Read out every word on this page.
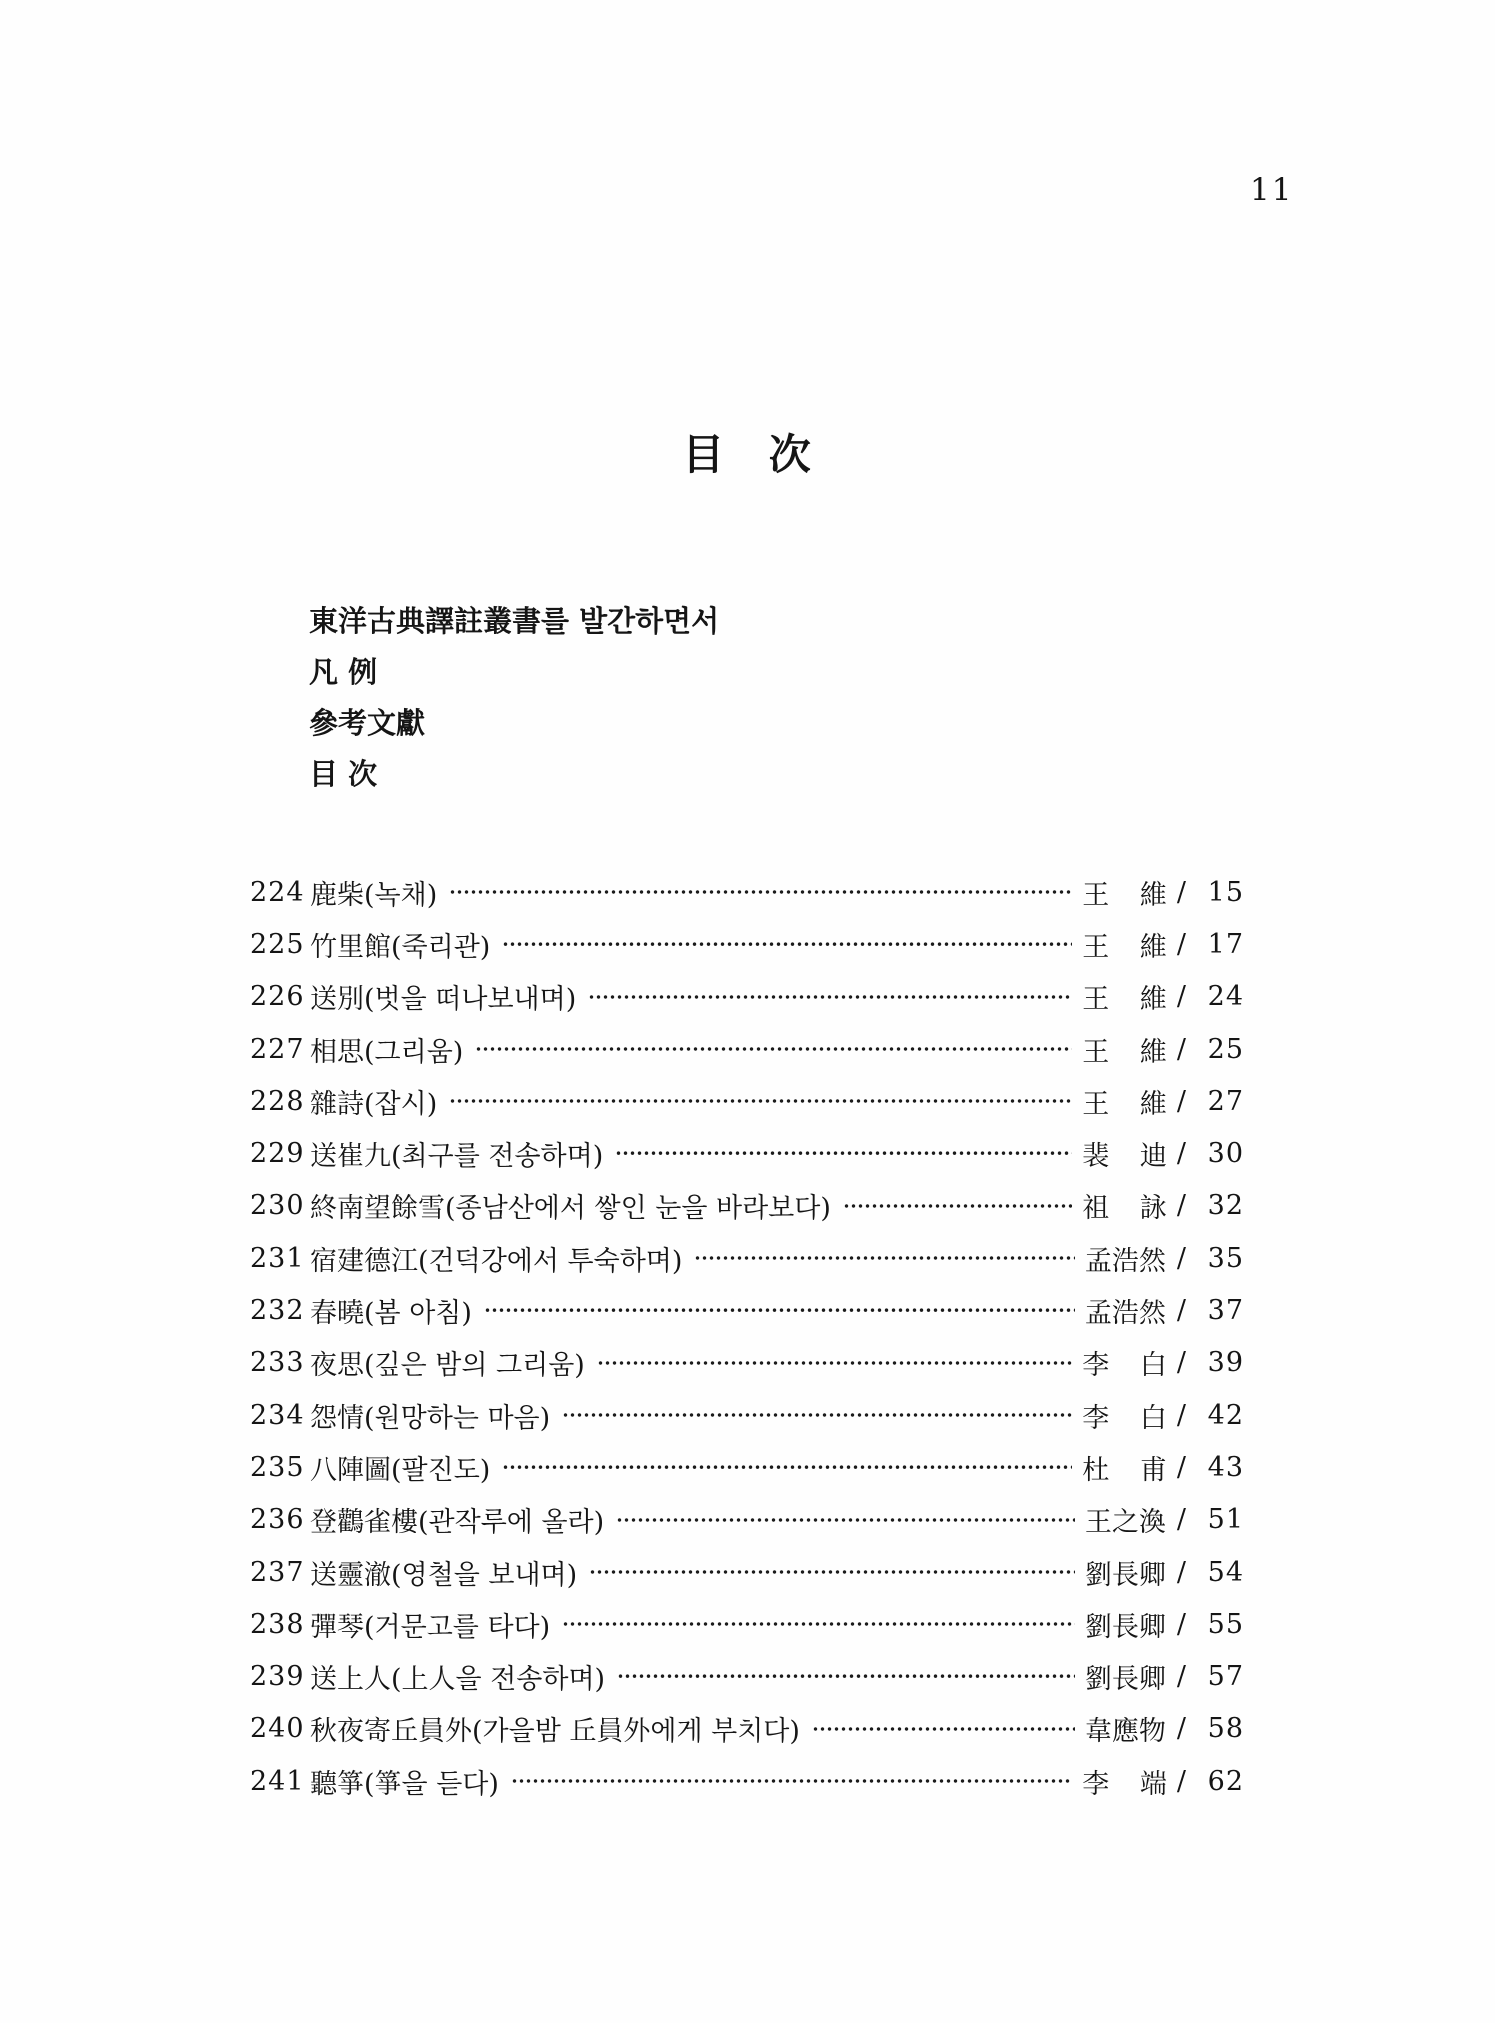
11
目 次
東洋古典譯註叢書를 발간하면서
凡 例
參考文獻
目 次
224 鹿柴(녹채)	王 維 / 15
225 竹里館(죽리관)	王 維 / 17
226 送別(벗을 떠나보내며)	王 維 / 24
227 相思(그리움)	王 維 / 25
228 雜詩(잡시)	王 維 / 27
229 送崔九(최구를 전송하며)	裴 迪 / 30
230 終南望餘雪(종남산에서 쌓인 눈을 바라보다)	祖 詠 / 32
231 宿建德江(건덕강에서 투숙하며)	孟浩然 / 35
232 春曉(봄 아침)	孟浩然 / 37
233 夜思(깊은 밤의 그리움)	李 白 / 39
234 怨情(원망하는 마음)	李 白 / 42
235 八陣圖(팔진도)	杜 甫 / 43
236 登鸛雀樓(관작루에 올라)	王之渙 / 51
237 送靈澈(영철을 보내며)	劉長卿 / 54
238 彈琴(거문고를 타다)	劉長卿 / 55
239 送上人(上人을 전송하며)	劉長卿 / 57
240 秋夜寄丘員外(가을밤 丘員外에게 부치다)	韋應物 / 58
241 聽箏(箏을 듣다)	李 端 / 62
